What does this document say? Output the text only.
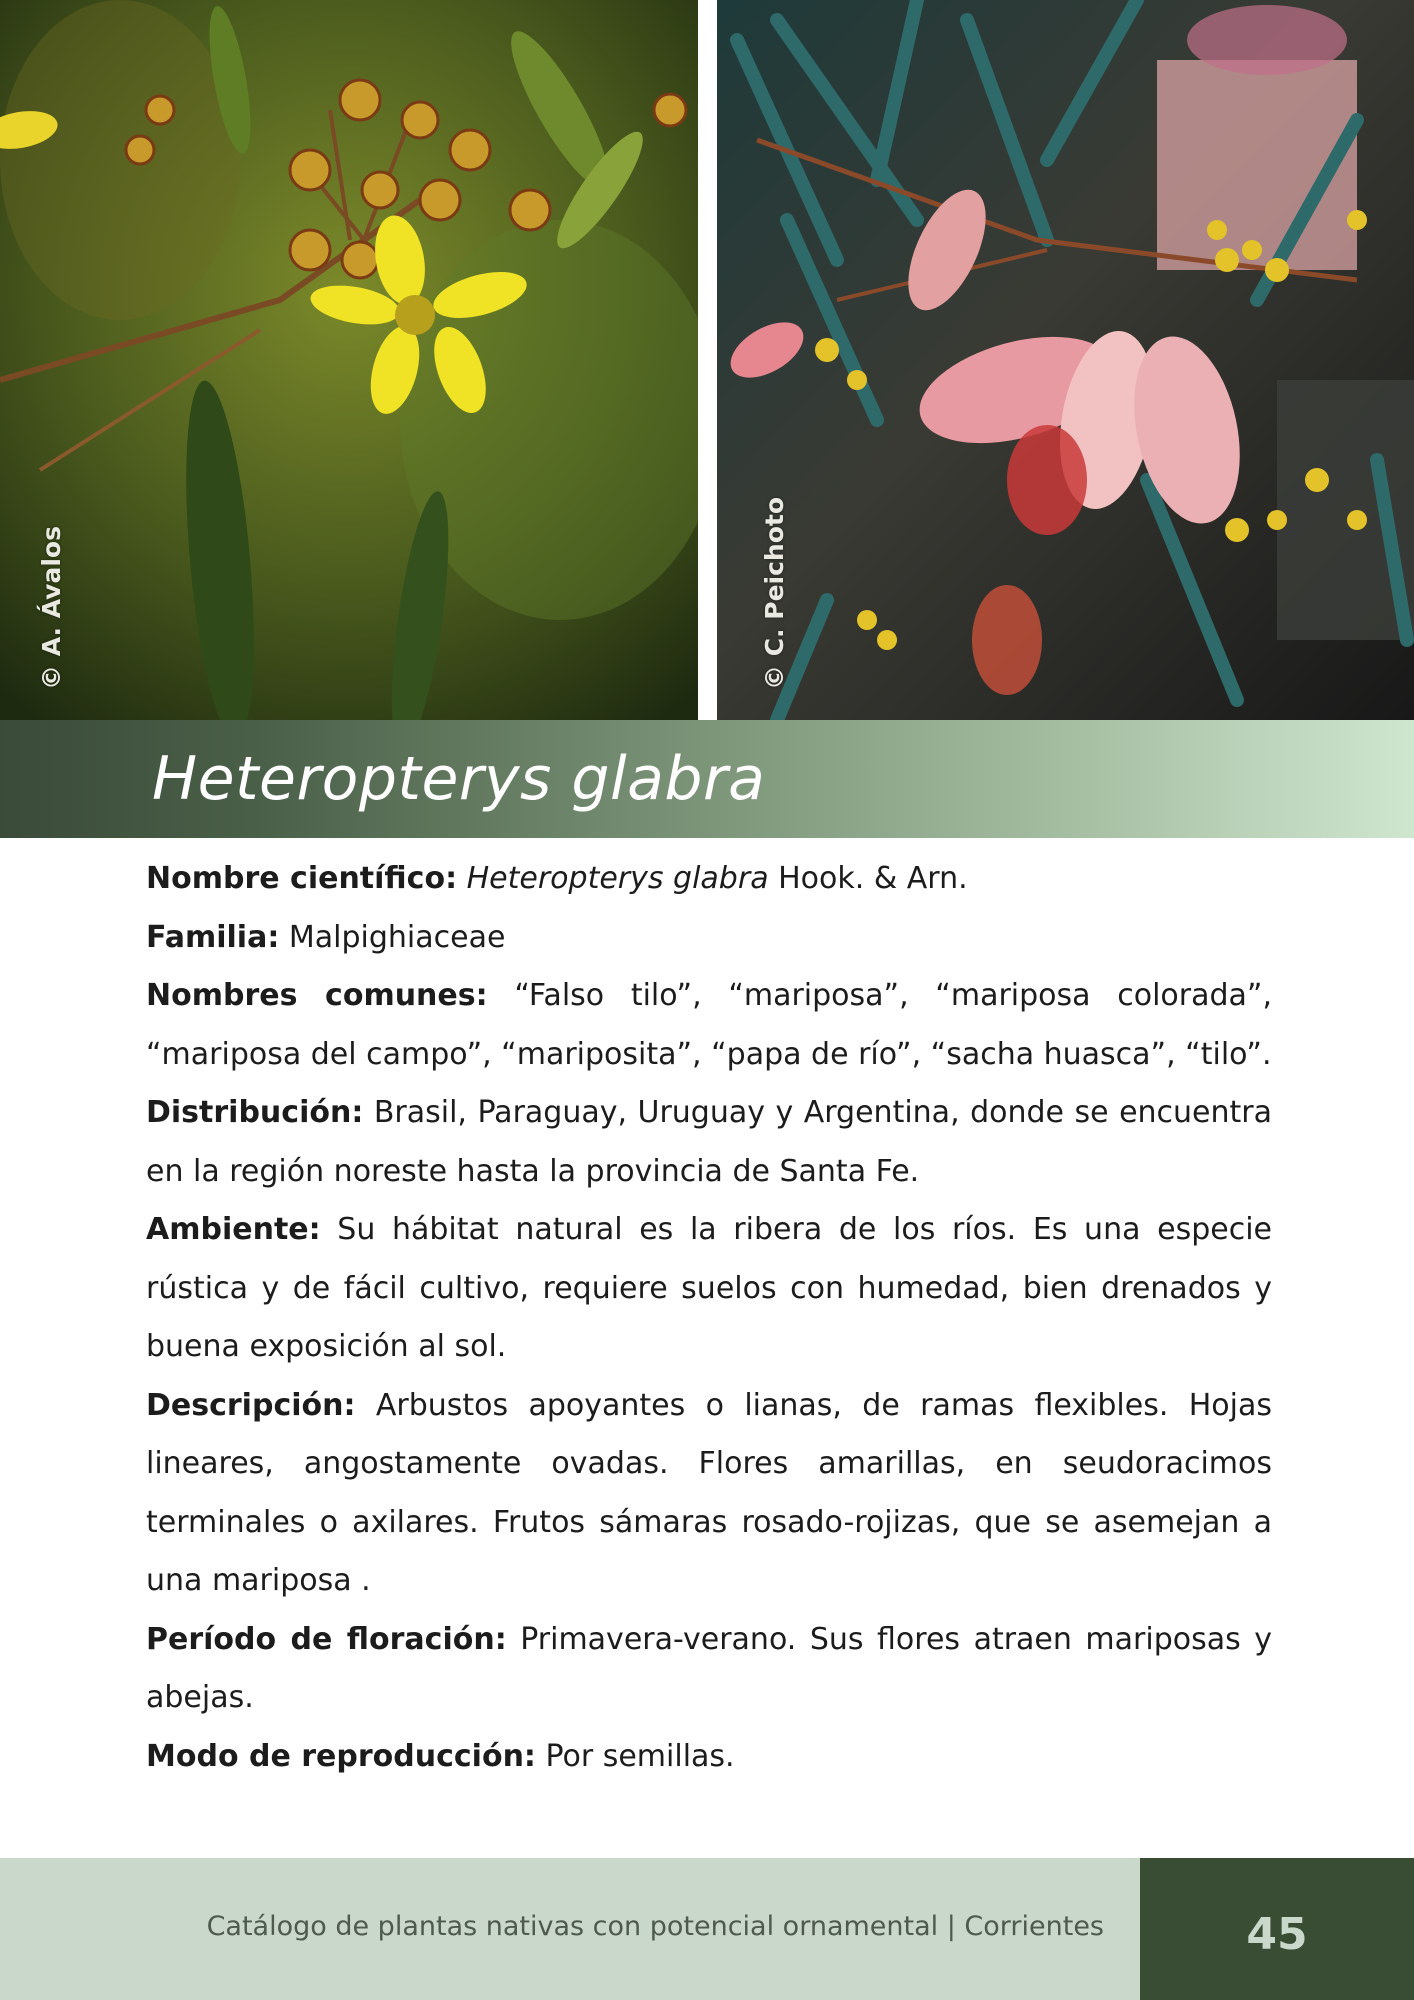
© A. Ávalos	© C. Peichoto
Heteropterys glabra

Nombre científico: Heteropterys glabra Hook. & Arn.

Familia: Malpighiaceae

Nombres comunes: “Falso tilo”, “mariposa”, “mariposa colorada”, “mariposa del campo”, “mariposita”, “papa de río”, “sacha huasca”, “tilo”.

Distribución: Brasil, Paraguay, Uruguay y Argentina, donde se encuentra en la región noreste hasta la provincia de Santa Fe.

Ambiente: Su hábitat natural es la ribera de los ríos. Es una especie rústica y de fácil cultivo, requiere suelos con humedad, bien drenados y buena exposición al sol.

Descripción: Arbustos apoyantes o lianas, de ramas flexibles. Hojas lineares, angostamente ovadas. Flores amarillas, en seudoracimos terminales o axilares. Frutos sámaras rosado-rojizas, que se asemejan a una mariposa .

Período de floración: Primavera-verano. Sus flores atraen mariposas y abejas.

Modo de reproducción: Por semillas.

Catálogo de plantas nativas con potencial ornamental | Corrientes	45
